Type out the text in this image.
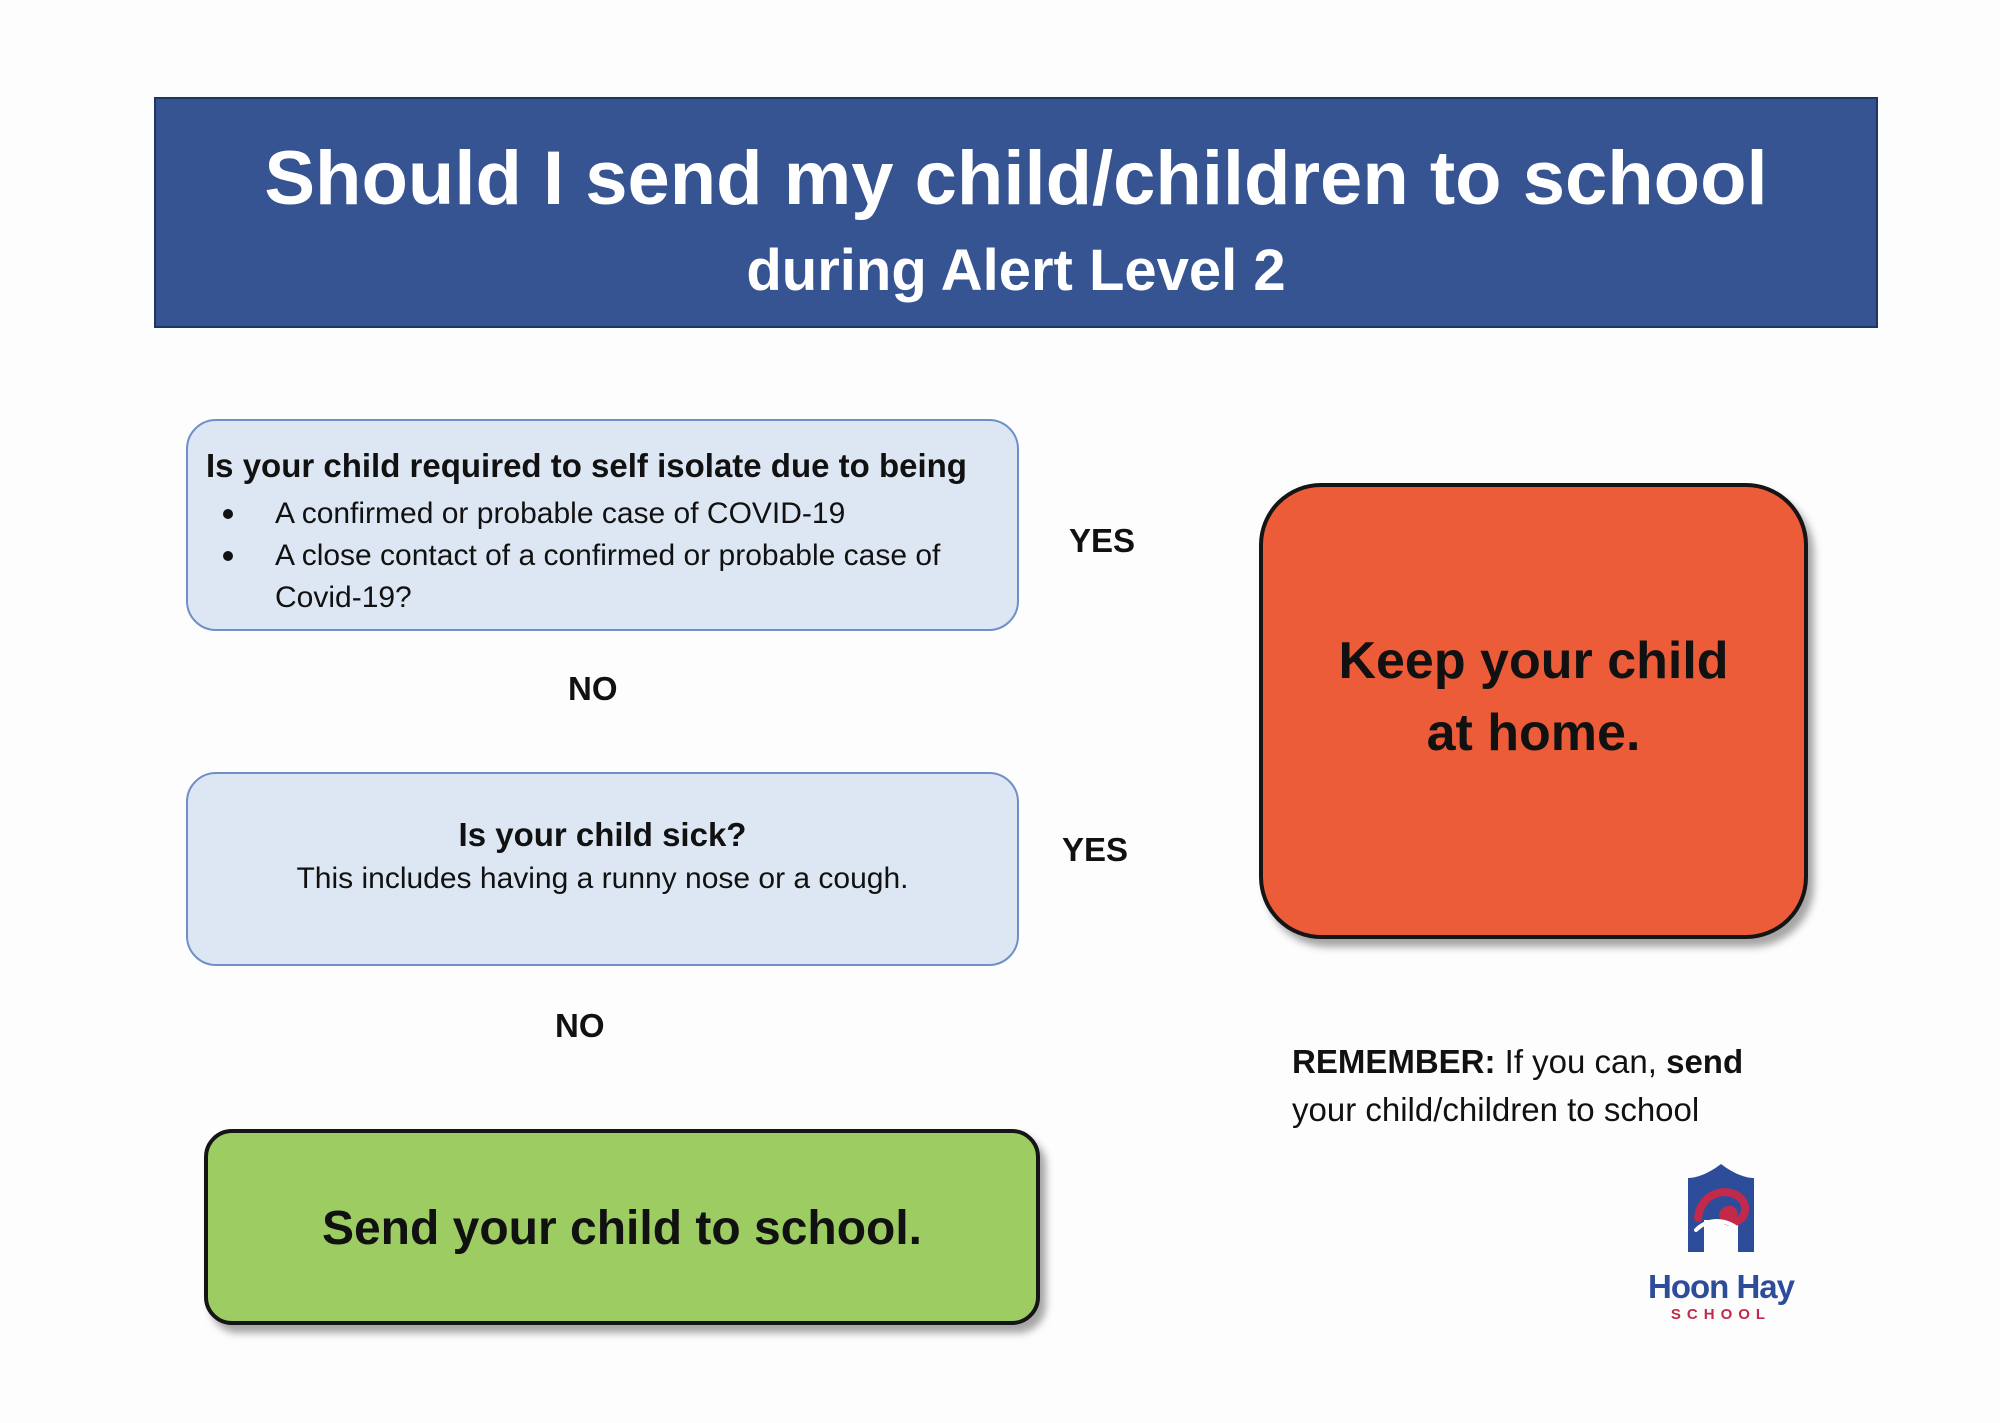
Should I send my child/children to school
during Alert Level 2
Is your child required to self isolate due to being
A confirmed or probable case of COVID-19
A close contact of a confirmed or probable case of Covid-19?
YES
NO
Is your child sick?
This includes having a runny nose or a cough.
YES
NO
Keep your child
at home.
Send your child to school.
REMEMBER: If you can, send
your child/children to school
Hoon Hay
SCHOOL
